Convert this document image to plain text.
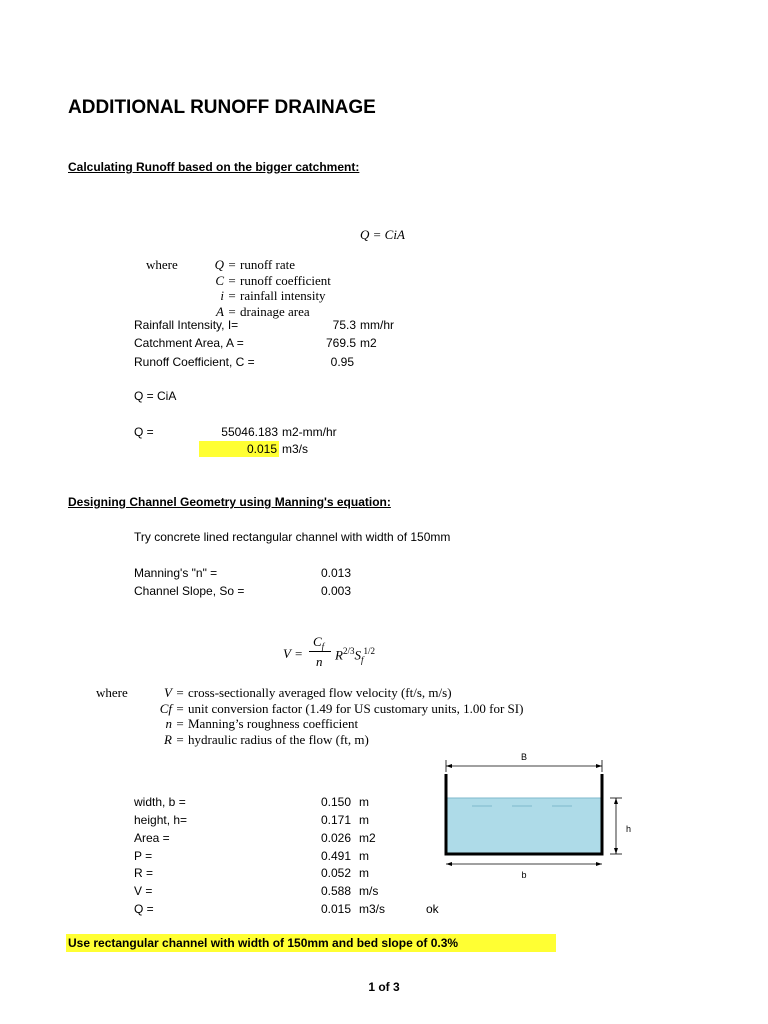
ADDITIONAL RUNOFF DRAINAGE
Calculating Runoff based on the bigger catchment:
Q = CiA
where	Q = runoff rate
C = runoff coefficient
i = rainfall intensity
A = drainage area
Rainfall Intensity, I=	75.3 mm/hr
Catchment Area, A =	769.5 m2
Runoff Coefficient, C =	0.95
Q = CiA
Q =	55046.183 m2-mm/hr
0.015 m3/s
Designing Channel Geometry using Manning's equation:
Try concrete lined rectangular channel with width of 150mm
Manning's "n" =	0.013
Channel Slope, So =	0.003
V =
$C_f$
n $R^{2/3}S_f^{1/2}$
where	V = cross-sectionally averaged flow velocity (ft/s, m/s)
Cf = unit conversion factor (1.49 for US customary units, 1.00 for SI)
n = Manning’s roughness coefficient
R = hydraulic radius of the flow (ft, m)
width, b =	0.150 m
height, h=	0.171 m
Area =	0.026 m2
P =	0.491 m
R =	0.052 m
V =	0.588 m/s
Q =	0.015 m3/s	ok
B
b
h
Use rectangular channel with width of 150mm and bed slope of 0.3%
1 of 3
